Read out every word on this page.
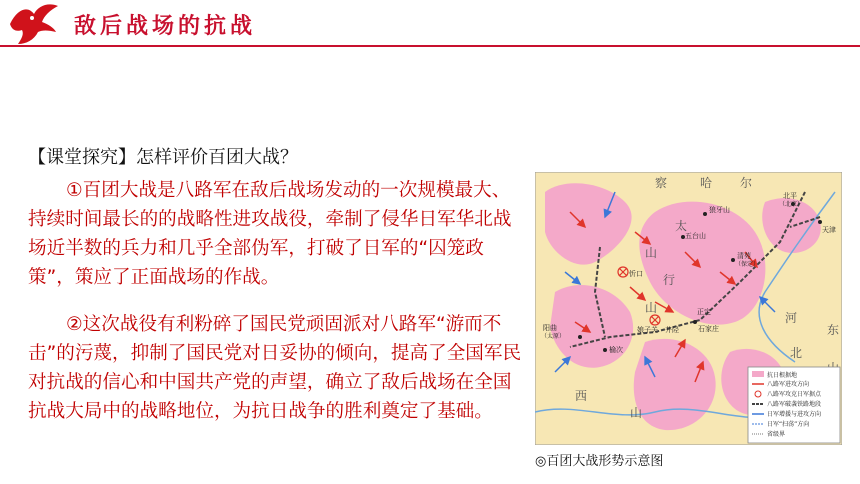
敌后战场的抗战
【课堂探究】怎样评价百团大战？
①百团大战是八路军在敌后战场发动的一次规模最大、持续时间最长的的战略性进攻战役，牵制了侵华日军华北战场近半数的兵力和几乎全部伪军，打破了日军的“囚笼政策”，策应了正面战场的作战。
②这次战役有利粉碎了国民党顽固派对八路军“游而不击”的污蔑，抑制了国民党对日妥协的倾向，提高了全国军民对抗战的信心和中国共产党的声望，确立了敌后战场在全国抗战大局中的战略地位，为抗日战争的胜利奠定了基础。
北平
（北京）
天津
清苑
（保定）
石家庄
阳曲
（太原）
忻口
娘子关 井陉
正定
狼牙山
五台山
榆次
察	哈 尔
太
山
行
山
西
山
河
北
东
抗日根据地
八路军进攻方向
八路军攻克日军据点
八路军破袭铁路地段
日军增援与进攻方向
日军“扫荡”方向
省级界
◎百团大战形势示意图
